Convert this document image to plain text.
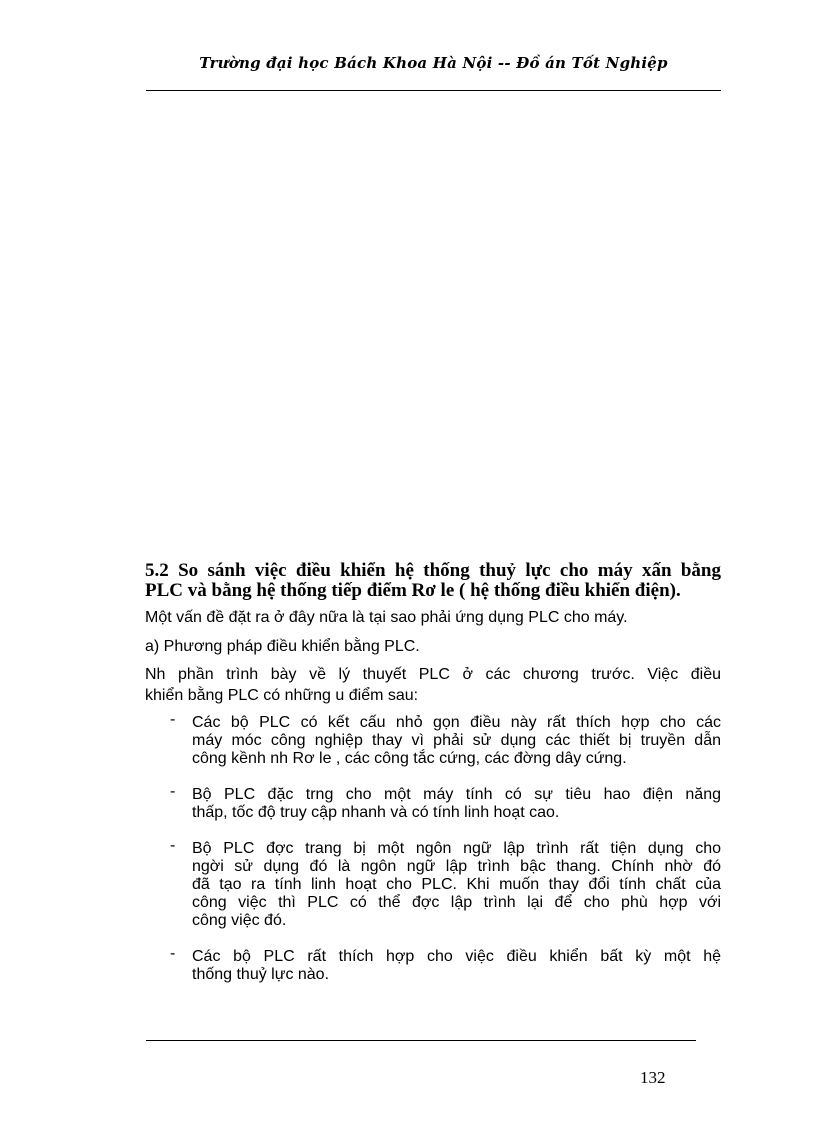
Trường đại học Bách Khoa Hà Nội -- Đồ án Tốt Nghiệp
5.2 So sánh việc điều khiển hệ thống thuỷ lực cho máy xấn bằng
PLC và bằng hệ thống tiếp điểm Rơ le ( hệ thống điều khiển điện).
Một vấn đề đặt ra ở đây nữa là tại sao phải ứng dụng PLC cho máy.
a) Phương pháp điều khiển bằng PLC.
Nh phần trình bày về lý thuyết PLC ở các chương trước. Việc điều
khiển bằng PLC có những u điểm sau:
- Các bộ PLC có kết cấu nhỏ gọn điều này rất thích hợp cho các
máy móc công nghiệp thay vì phải sử dụng các thiết bị truyền dẫn
công kềnh nh Rơ le , các công tắc cứng, các đờng dây cứng.
- Bộ PLC đặc trng cho một máy tính có sự tiêu hao điện năng
thấp, tốc độ truy cập nhanh và có tính linh hoạt cao.
- Bộ PLC đợc trang bị một ngôn ngữ lập trình rất tiện dụng cho
ngời sử dụng đó là ngôn ngữ lập trình bậc thang. Chính nhờ đó
đã tạo ra tính linh hoạt cho PLC. Khi muốn thay đổi tính chất của
công việc thì PLC có thể đợc lập trình lại để cho phù hợp với
công việc đó.
- Các bộ PLC rất thích hợp cho việc điều khiển bất kỳ một hệ
thống thuỷ lực nào.
132
